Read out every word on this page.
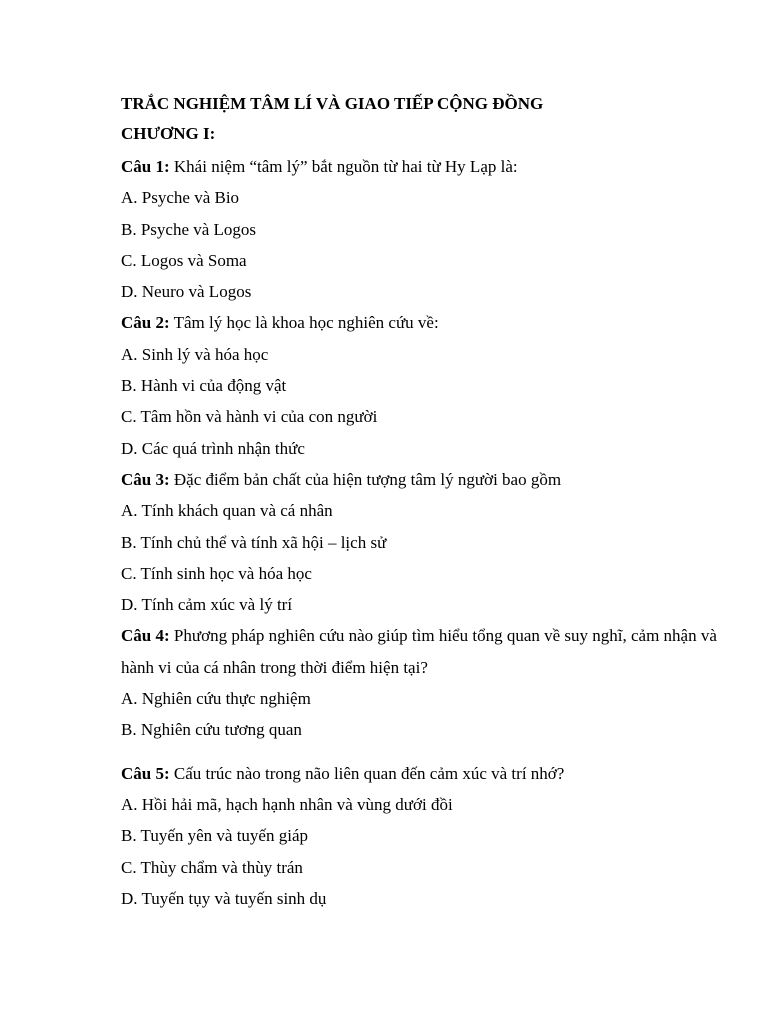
TRẮC NGHIỆM TÂM LÍ VÀ GIAO TIẾP CỘNG ĐỒNG
CHƯƠNG I:
Câu 1: Khái niệm “tâm lý” bắt nguồn từ hai từ Hy Lạp là:
A. Psyche và Bio
B. Psyche và Logos
C. Logos và Soma
D. Neuro và Logos
Câu 2: Tâm lý học là khoa học nghiên cứu về:
A. Sinh lý và hóa học
B. Hành vi của động vật
C. Tâm hồn và hành vi của con người
D. Các quá trình nhận thức
Câu 3: Đặc điểm bản chất của hiện tượng tâm lý người bao gồm
A. Tính khách quan và cá nhân
B. Tính chủ thể và tính xã hội – lịch sử
C. Tính sinh học và hóa học
D. Tính cảm xúc và lý trí
Câu 4: Phương pháp nghiên cứu nào giúp tìm hiểu tổng quan về suy nghĩ, cảm nhận và hành vi của cá nhân trong thời điểm hiện tại?
A. Nghiên cứu thực nghiệm
B. Nghiên cứu tương quan
Câu 5: Cấu trúc nào trong não liên quan đến cảm xúc và trí nhớ?
A. Hồi hải mã, hạch hạnh nhân và vùng dưới đồi
B. Tuyến yên và tuyến giáp
C. Thùy chẩm và thùy trán
D. Tuyến tụy và tuyến sinh dụ
